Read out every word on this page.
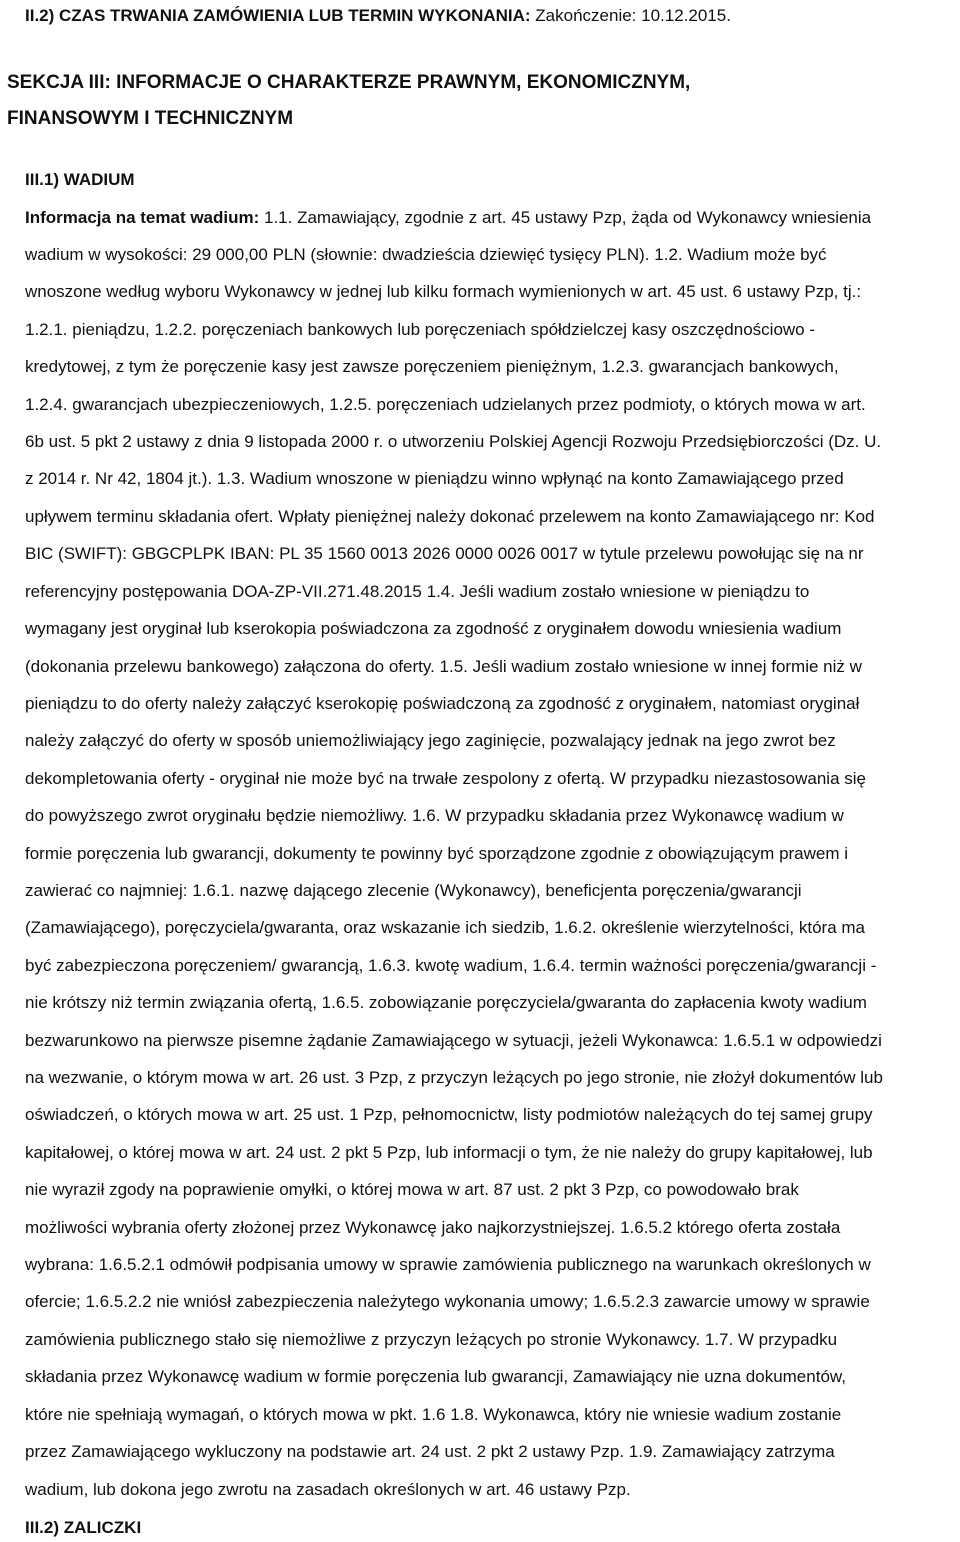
II.2) CZAS TRWANIA ZAMÓWIENIA LUB TERMIN WYKONANIA: Zakończenie: 10.12.2015.

SEKCJA III: INFORMACJE O CHARAKTERZE PRAWNYM, EKONOMICZNYM,

FINANSOWYM I TECHNICZNYM

III.1) WADIUM

Informacja na temat wadium: 1.1. Zamawiający, zgodnie z art. 45 ustawy Pzp, żąda od Wykonawcy wniesienia

wadium w wysokości: 29 000,00 PLN (słownie: dwadzieścia dziewięć tysięcy PLN). 1.2. Wadium może być

wnoszone według wyboru Wykonawcy w jednej lub kilku formach wymienionych w art. 45 ust. 6 ustawy Pzp, tj.:

1.2.1. pieniądzu, 1.2.2. poręczeniach bankowych lub poręczeniach spółdzielczej kasy oszczędnościowo -

kredytowej, z tym że poręczenie kasy jest zawsze poręczeniem pieniężnym, 1.2.3. gwarancjach bankowych,

1.2.4. gwarancjach ubezpieczeniowych, 1.2.5. poręczeniach udzielanych przez podmioty, o których mowa w art.

6b ust. 5 pkt 2 ustawy z dnia 9 listopada 2000 r. o utworzeniu Polskiej Agencji Rozwoju Przedsiębiorczości (Dz. U.

z 2014 r. Nr 42, 1804 jt.). 1.3. Wadium wnoszone w pieniądzu winno wpłynąć na konto Zamawiającego przed

upływem terminu składania ofert. Wpłaty pieniężnej należy dokonać przelewem na konto Zamawiającego nr: Kod

BIC (SWIFT): GBGCPLPK IBAN: PL 35 1560 0013 2026 0000 0026 0017 w tytule przelewu powołując się na nr

referencyjny postępowania DOA-ZP-VII.271.48.2015 1.4. Jeśli wadium zostało wniesione w pieniądzu to

wymagany jest oryginał lub kserokopia poświadczona za zgodność z oryginałem dowodu wniesienia wadium

(dokonania przelewu bankowego) załączona do oferty. 1.5. Jeśli wadium zostało wniesione w innej formie niż w

pieniądzu to do oferty należy załączyć kserokopię poświadczoną za zgodność z oryginałem, natomiast oryginał

należy załączyć do oferty w sposób uniemożliwiający jego zaginięcie, pozwalający jednak na jego zwrot bez

dekompletowania oferty - oryginał nie może być na trwałe zespolony z ofertą. W przypadku niezastosowania się

do powyższego zwrot oryginału będzie niemożliwy. 1.6. W przypadku składania przez Wykonawcę wadium w

formie poręczenia lub gwarancji, dokumenty te powinny być sporządzone zgodnie z obowiązującym prawem i

zawierać co najmniej: 1.6.1. nazwę dającego zlecenie (Wykonawcy), beneficjenta poręczenia/gwarancji

(Zamawiającego), poręczyciela/gwaranta, oraz wskazanie ich siedzib, 1.6.2. określenie wierzytelności, która ma

być zabezpieczona poręczeniem/ gwarancją, 1.6.3. kwotę wadium, 1.6.4. termin ważności poręczenia/gwarancji -

nie krótszy niż termin związania ofertą, 1.6.5. zobowiązanie poręczyciela/gwaranta do zapłacenia kwoty wadium

bezwarunkowo na pierwsze pisemne żądanie Zamawiającego w sytuacji, jeżeli Wykonawca: 1.6.5.1 w odpowiedzi

na wezwanie, o którym mowa w art. 26 ust. 3 Pzp, z przyczyn leżących po jego stronie, nie złożył dokumentów lub

oświadczeń, o których mowa w art. 25 ust. 1 Pzp, pełnomocnictw, listy podmiotów należących do tej samej grupy

kapitałowej, o której mowa w art. 24 ust. 2 pkt 5 Pzp, lub informacji o tym, że nie należy do grupy kapitałowej, lub

nie wyraził zgody na poprawienie omyłki, o której mowa w art. 87 ust. 2 pkt 3 Pzp, co powodowało brak

możliwości wybrania oferty złożonej przez Wykonawcę jako najkorzystniejszej. 1.6.5.2 którego oferta została

wybrana: 1.6.5.2.1 odmówił podpisania umowy w sprawie zamówienia publicznego na warunkach określonych w

ofercie; 1.6.5.2.2 nie wniósł zabezpieczenia należytego wykonania umowy; 1.6.5.2.3 zawarcie umowy w sprawie

zamówienia publicznego stało się niemożliwe z przyczyn leżących po stronie Wykonawcy. 1.7. W przypadku

składania przez Wykonawcę wadium w formie poręczenia lub gwarancji, Zamawiający nie uzna dokumentów,

które nie spełniają wymagań, o których mowa w pkt. 1.6 1.8. Wykonawca, który nie wniesie wadium zostanie

przez Zamawiającego wykluczony na podstawie art. 24 ust. 2 pkt 2 ustawy Pzp. 1.9. Zamawiający zatrzyma

wadium, lub dokona jego zwrotu na zasadach określonych w art. 46 ustawy Pzp.

III.2) ZALICZKI
